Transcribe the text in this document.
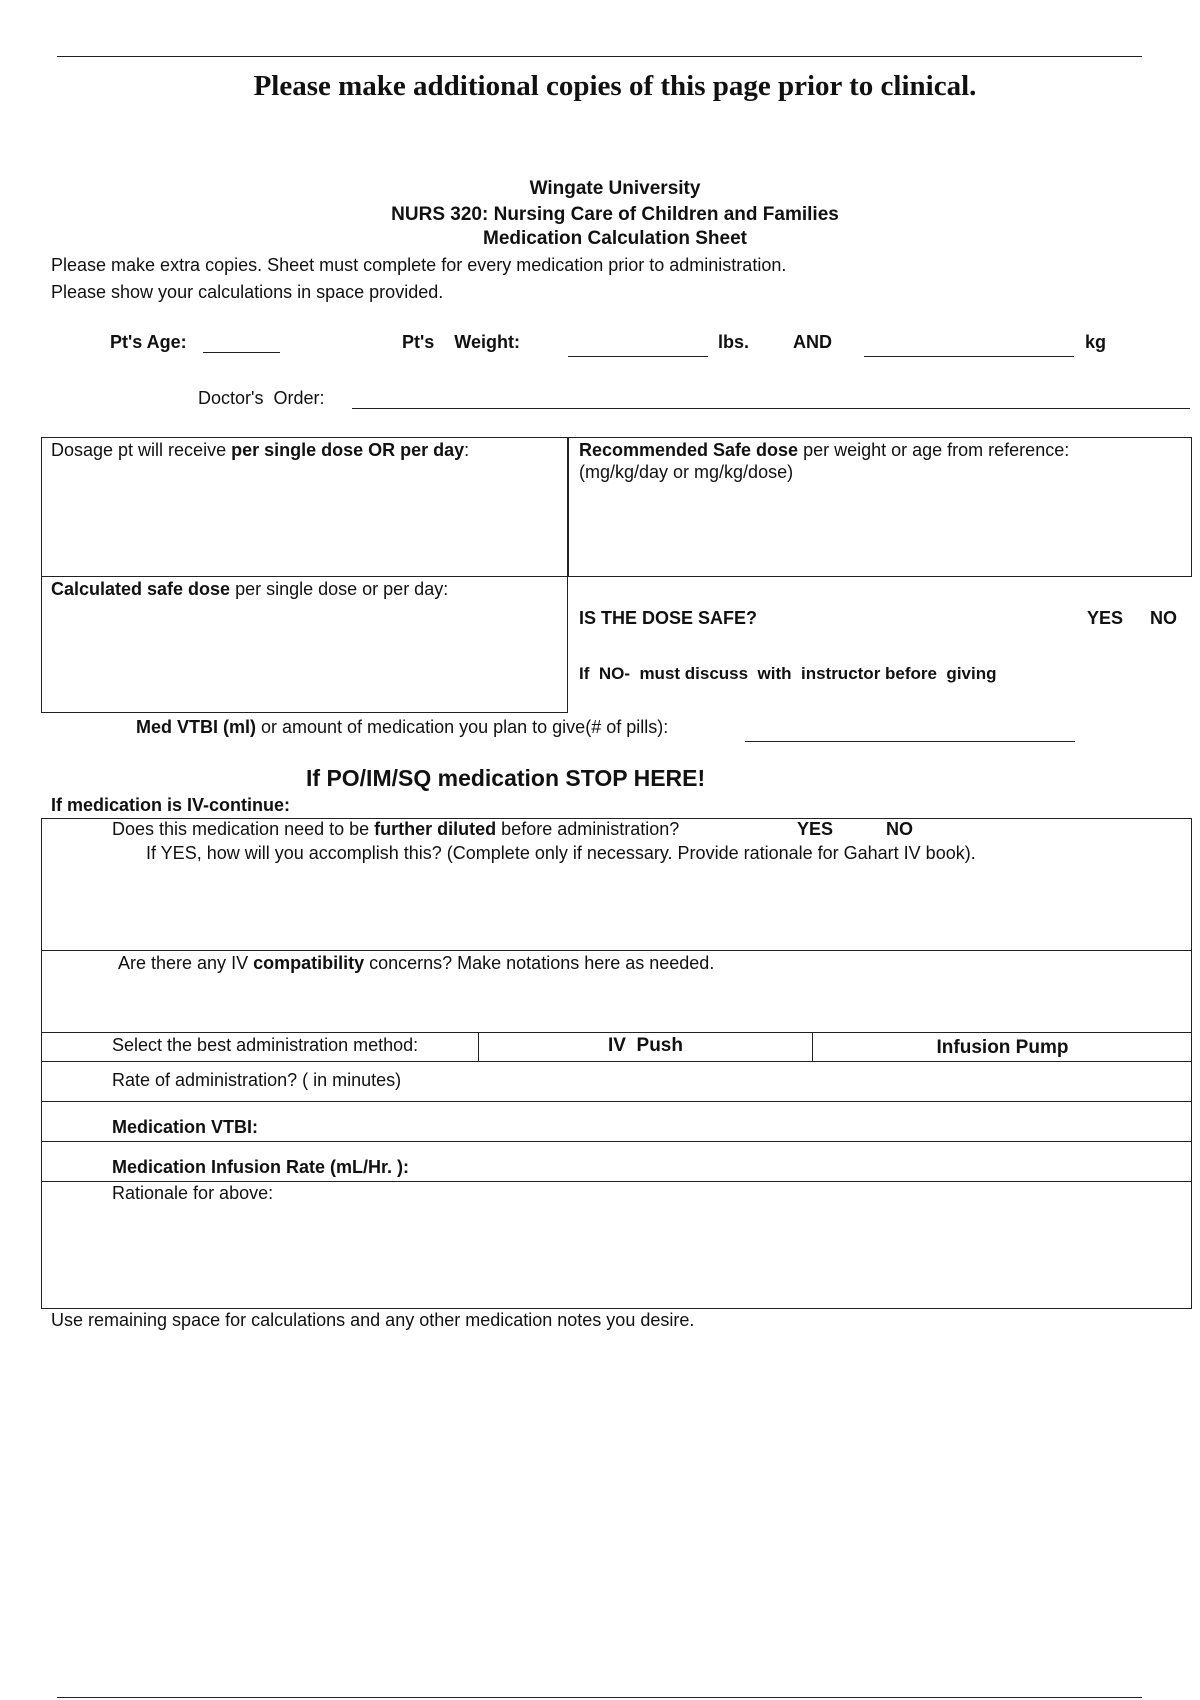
Please make additional copies of this page prior to clinical.
Wingate University
NURS 320: Nursing Care of Children and Families
Medication Calculation Sheet
Please make extra copies. Sheet must complete for every medication prior to administration.
Please show your calculations in space provided.
Pt's Age:	Pt's    Weight:	lbs. AND	kg
Doctor's  Order:
Dosage pt will receive per single dose OR per day:	Recommended Safe dose per weight or age from reference:
(mg/kg/day or mg/kg/dose)
Calculated safe dose per single dose or per day:
IS THE DOSE SAFE?	YES NO
If  NO-  must discuss  with  instructor before  giving
Med VTBI (ml) or amount of medication you plan to give(# of pills):
If PO/IM/SQ medication STOP HERE!
If medication is IV-continue:
Does this medication need to be further diluted before administration?	YES	NO
If YES, how will you accomplish this? (Complete only if necessary. Provide rationale for Gahart IV book).
Are there any IV compatibility concerns? Make notations here as needed.
Select the best administration method:	IV  Push	Infusion Pump
Rate of administration? ( in minutes)
Medication VTBI:
Medication Infusion Rate (mL/Hr. ):
Rationale for above:
Use remaining space for calculations and any other medication notes you desire.
